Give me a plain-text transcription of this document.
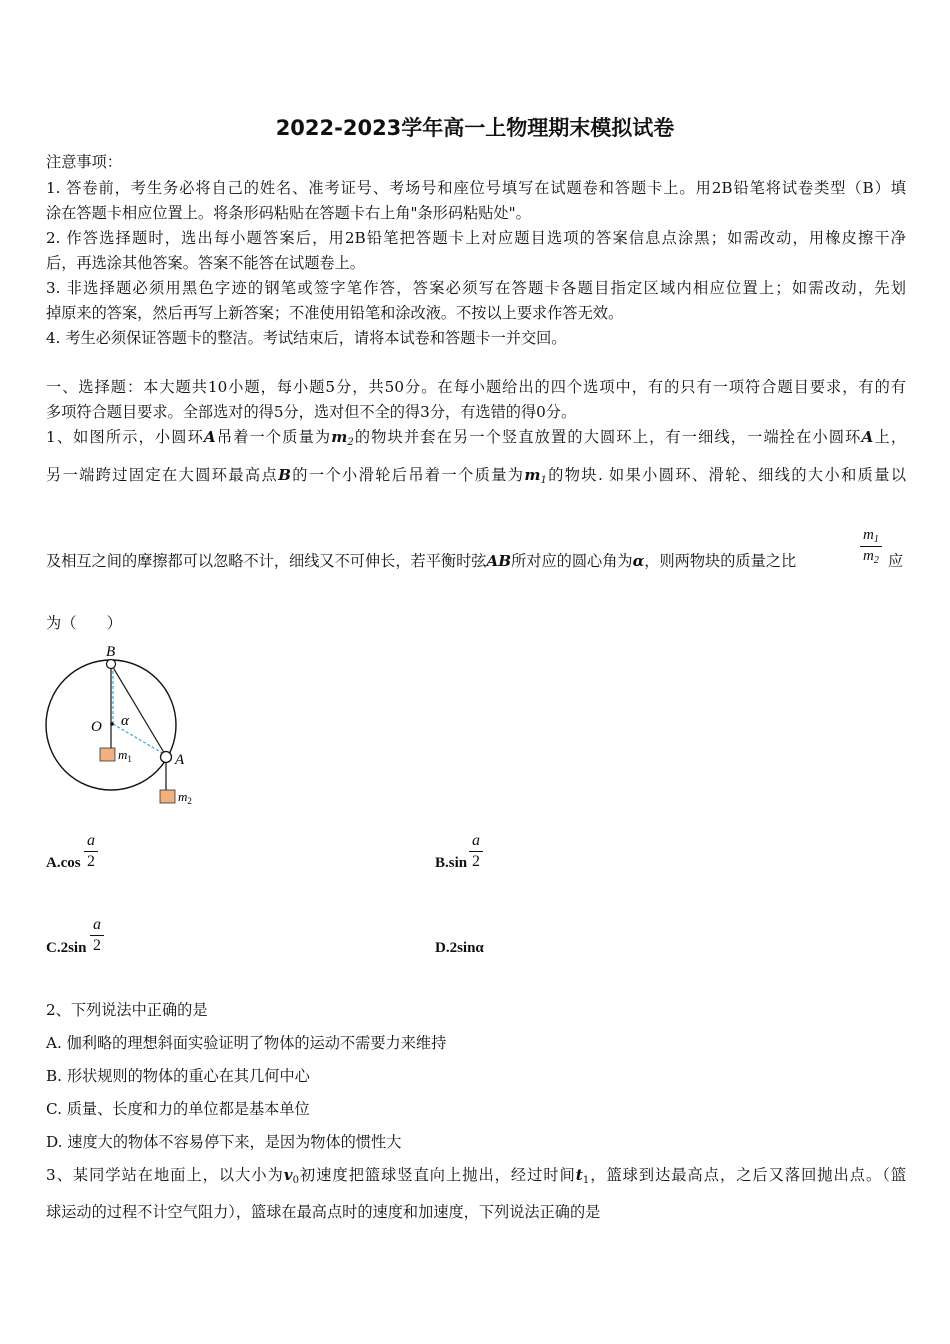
2022-2023学年高一上物理期末模拟试卷
注意事项：
1. 答卷前，考生务必将自己的姓名、准考证号、考场号和座位号填写在试题卷和答题卡上。用2B铅笔将试卷类型（B）填
涂在答题卡相应位置上。将条形码粘贴在答题卡右上角"条形码粘贴处"。
2. 作答选择题时，选出每小题答案后，用2B铅笔把答题卡上对应题目选项的答案信息点涂黑；如需改动，用橡皮擦干净
后，再选涂其他答案。答案不能答在试题卷上。
3. 非选择题必须用黑色字迹的钢笔或签字笔作答，答案必须写在答题卡各题目指定区域内相应位置上；如需改动，先划
掉原来的答案，然后再写上新答案；不准使用铅笔和涂改液。不按以上要求作答无效。
4. 考生必须保证答题卡的整洁。考试结束后，请将本试卷和答题卡一并交回。
一、选择题：本大题共10小题，每小题5分，共50分。在每小题给出的四个选项中，有的只有一项符合题目要求，有的有
多项符合题目要求。全部选对的得5分，选对但不全的得3分，有选错的得0分。
1、如图所示，小圆环A吊着一个质量为$m_2$的物块并套在另一个竖直放置的大圆环上，有一细线，一端拴在小圆环A上，
另一端跨过固定在大圆环最高点B的一个小滑轮后吊着一个质量为$m_1$的物块. 如果小圆环、滑轮、细线的大小和质量以
及相互之间的摩擦都可以忽略不计，细线又不可伸长，若平衡时弦AB所对应的圆心角为α，则两物块的质量之比	$\frac{m_1}{m_2}$ 应
为（　　）
B
O α
A
$m_1$
$m_2$
$A.\cos \frac{a}{2}$	$B.\sin \frac{a}{2}$
$C.2\sin \frac{a}{2}$	D.2sinα
2、下列说法中正确的是
A. 伽利略的理想斜面实验证明了物体的运动不需要力来维持
B. 形状规则的物体的重心在其几何中心
C. 质量、长度和力的单位都是基本单位
D. 速度大的物体不容易停下来，是因为物体的惯性大
3、某同学站在地面上，以大小为$v_0$初速度把篮球竖直向上抛出，经过时间$t_1$，篮球到达最高点，之后又落回抛出点。（篮
球运动的过程不计空气阻力），篮球在最高点时的速度和加速度，下列说法正确的是
